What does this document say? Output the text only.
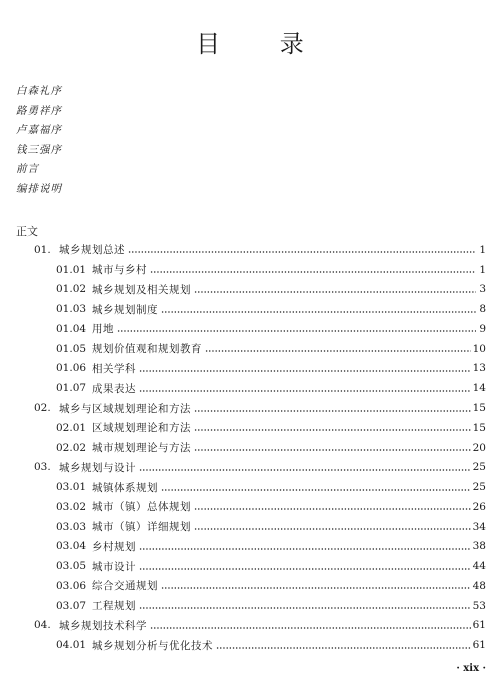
目 录
白森礼序
路勇祥序
卢嘉福序
钱三强序
前言
编排说明
正文
01. 城乡规划总述	1
01.01 城市与乡村	1
01.02 城乡规划及相关规划	3
01.03 城乡规划制度	8
01.04 用地	9
01.05 规划价值观和规划教育	10
01.06 相关学科	13
01.07 成果表达	14
02. 城乡与区域规划理论和方法	15
02.01 区域规划理论和方法	15
02.02 城市规划理论与方法	20
03. 城乡规划与设计	25
03.01 城镇体系规划	25
03.02 城市（镇）总体规划	26
03.03 城市（镇）详细规划	34
03.04 乡村规划	38
03.05 城市设计	44
03.06 综合交通规划	48
03.07 工程规划	53
04. 城乡规划技术科学	61
04.01 城乡规划分析与优化技术	61
· xix ·
